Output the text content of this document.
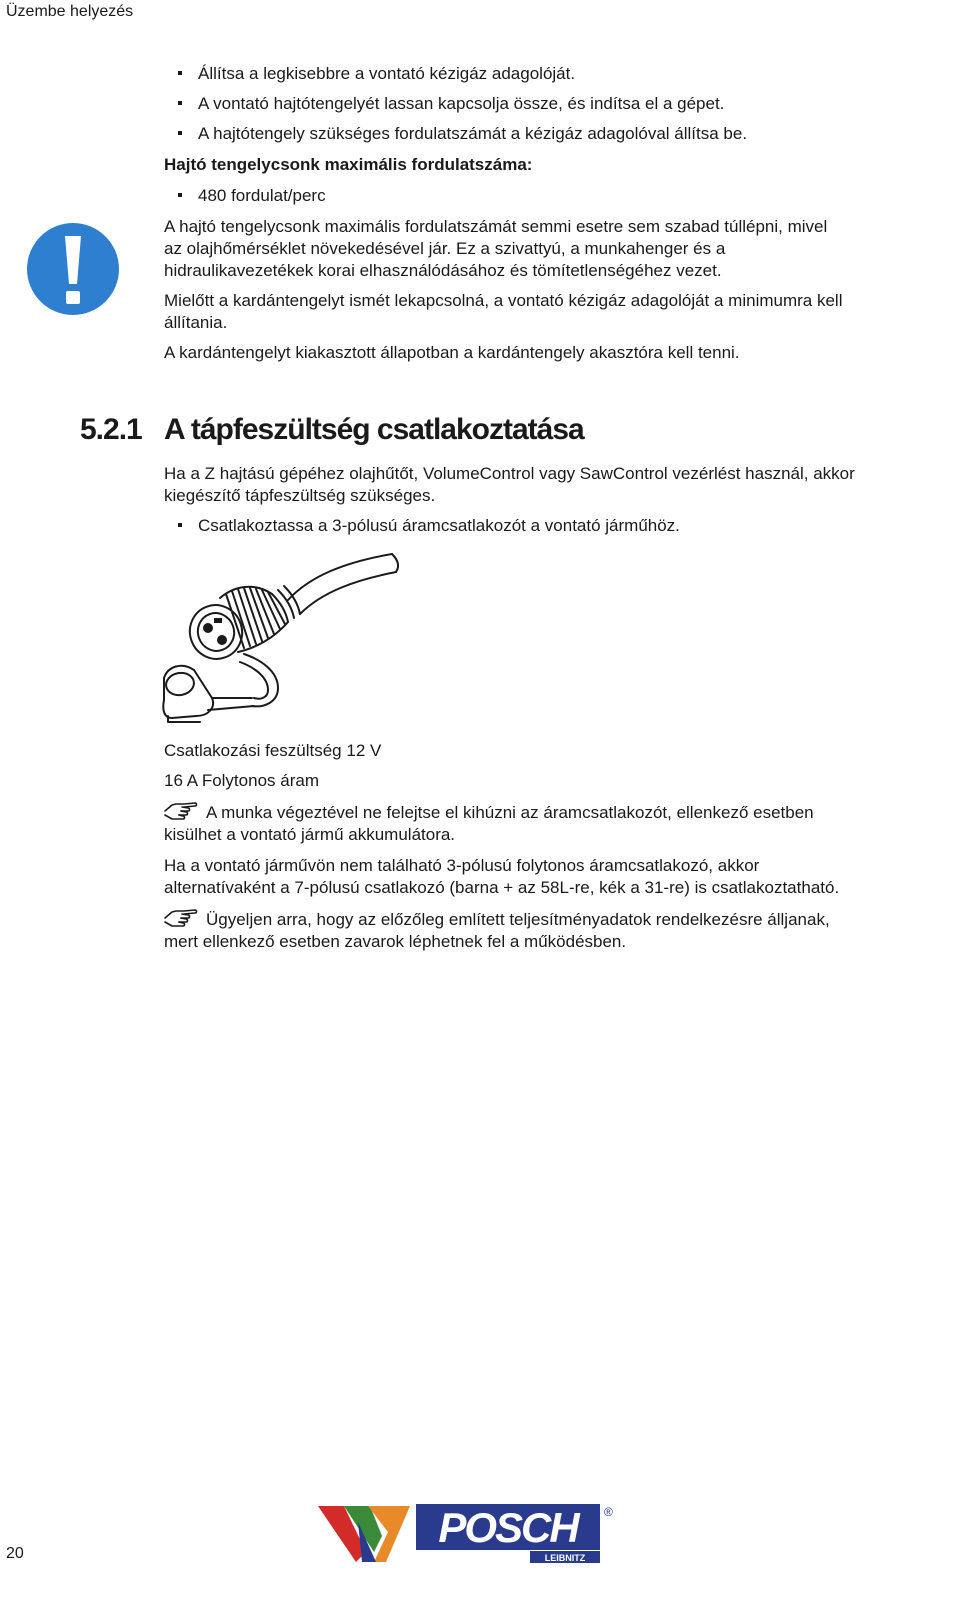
Üzembe helyezés
Állítsa a legkisebbre a vontató kézigáz adagolóját.
A vontató hajtótengelyét lassan kapcsolja össze, és indítsa el a gépet.
A hajtótengely szükséges fordulatszámát a kézigáz adagolóval állítsa be.
Hajtó tengelycsonk maximális fordulatszáma:
480 fordulat/perc
A hajtó tengelycsonk maximális fordulatszámát semmi esetre sem szabad túllépni, mivel
az olajhőmérséklet növekedésével jár. Ez a szivattyú, a munkahenger és a
hidraulikavezetékek korai elhasználódásához és tömítetlenségéhez vezet.
Mielőtt a kardántengelyt ismét lekapcsolná, a vontató kézigáz adagolóját a minimumra kell
állítania.
A kardántengelyt kiakasztott állapotban a kardántengely akasztóra kell tenni.
5.2.1 A tápfeszültség csatlakoztatása
Ha a Z hajtású gépéhez olajhűtőt, VolumeControl vagy SawControl vezérlést használ, akkor
kiegészítő tápfeszültség szükséges.
Csatlakoztassa a 3-pólusú áramcsatlakozót a vontató járműhöz.
Csatlakozási feszültség 12 V
16 A Folytonos áram
A munka végeztével ne felejtse el kihúzni az áramcsatlakozót, ellenkező esetben
kisülhet a vontató jármű akkumulátora.
Ha a vontató járművön nem található 3-pólusú folytonos áramcsatlakozó, akkor
alternatívaként a 7-pólusú csatlakozó (barna + az 58L-re, kék a 31-re) is csatlakoztatható.
Ügyeljen arra, hogy az előzőleg említett teljesítményadatok rendelkezésre álljanak,
mert ellenkező esetben zavarok léphetnek fel a működésben.
20
POSCH
LEIBNITZ
®
